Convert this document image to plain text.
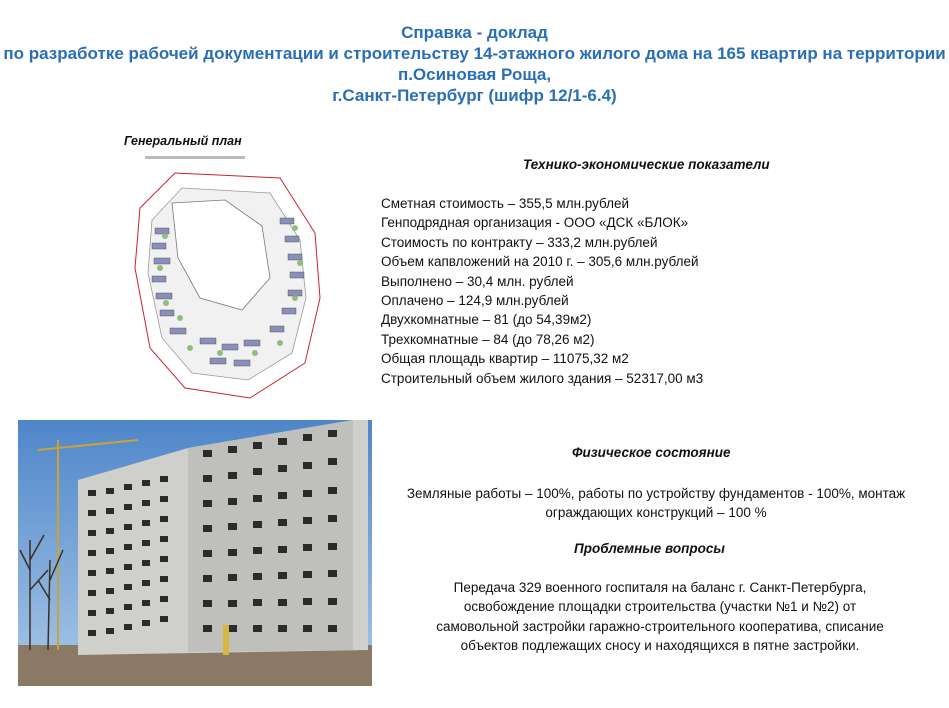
Справка - доклад
по разработке рабочей документации и строительству 14-этажного жилого дома на 165 квартир на территории
п.Осиновая Роща,
г.Санкт-Петербург (шифр 12/1-6.4)
Генеральный план
Технико-экономические показатели
Сметная стоимость – 355,5 млн.рублей
Генподрядная организация - ООО «ДСК «БЛОК»
Стоимость по контракту – 333,2 млн.рублей
Объем капвложений на 2010 г. – 305,6 млн.рублей
Выполнено – 30,4 млн. рублей
Оплачено – 124,9 млн.рублей
Двухкомнатные – 81 (до 54,39м2)
Трехкомнатные – 84 (до 78,26 м2)
Общая площадь квартир – 11075,32 м2
Строительный объем жилого здания – 52317,00 м3
Физическое состояние
Земляные работы – 100%, работы по устройству фундаментов - 100%, монтаж ограждающих конструкций – 100 %
Проблемные вопросы
Передача 329 военного госпиталя на баланс г. Санкт-Петербурга,
освобождение площадки строительства (участки №1 и №2) от
самовольной застройки гаражно-строительного кооператива, списание
объектов подлежащих сносу и находящихся в пятне застройки.
